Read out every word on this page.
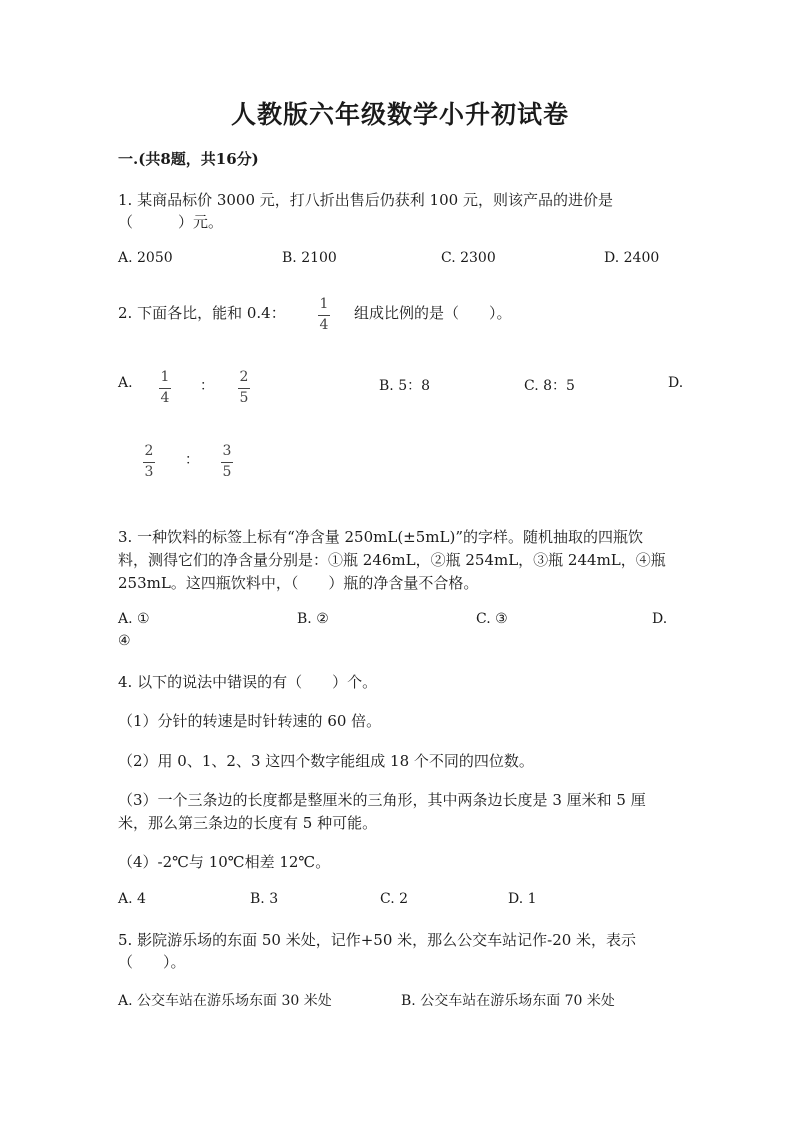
人教版六年级数学小升初试卷
一.(共8题，共16分)
1. 某商品标价 3000 元，打八折出售后仍获利 100 元，则该产品的进价是
（　　　）元。
A. 2050	B. 2100	C. 2300	D. 2400
2. 下面各比，能和 0.4： 1
4
组成比例的是（　　）。
A. 1
4
：
2
5
B. 5：8	C. 8：5	D.
2
3
：
3
5
3. 一种饮料的标签上标有“净含量 250mL(±5mL)”的字样。随机抽取的四瓶饮
料，测得它们的净含量分别是：①瓶 246mL，②瓶 254mL，③瓶 244mL，④瓶
253mL。这四瓶饮料中，（　　）瓶的净含量不合格。
A. ①	B. ②	C. ③	D.
④
4. 以下的说法中错误的有（　　）个。
（1）分针的转速是时针转速的 60 倍。
（2）用 0、1、2、3 这四个数字能组成 18 个不同的四位数。
（3）一个三条边的长度都是整厘米的三角形，其中两条边长度是 3 厘米和 5 厘
米，那么第三条边的长度有 5 种可能。
（4）-2℃与 10℃相差 12℃。
A. 4	B. 3	C. 2	D. 1
5. 影院游乐场的东面 50 米处，记作+50 米，那么公交车站记作-20 米，表示
（　　）。
A. 公交车站在游乐场东面 30 米处	B. 公交车站在游乐场东面 70 米处
